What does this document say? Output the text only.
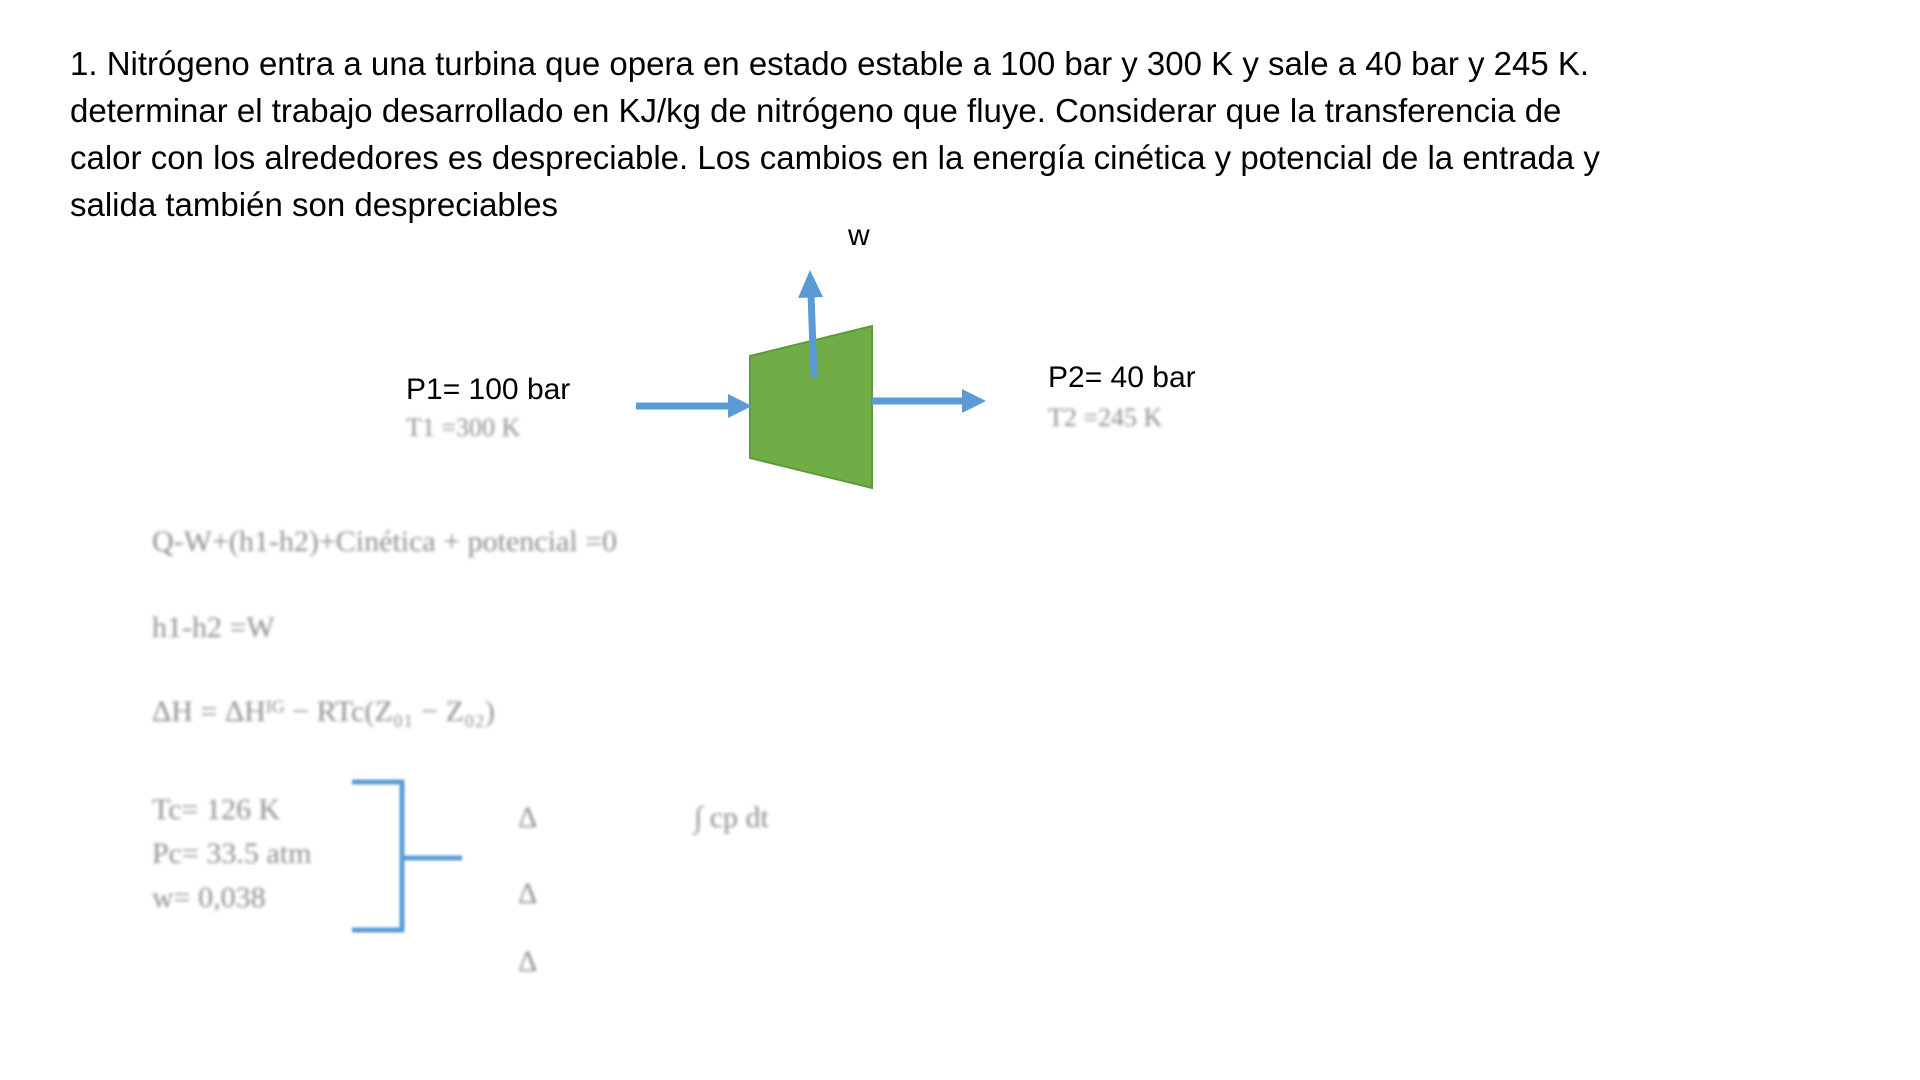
1. Nitrógeno entra a una turbina que opera en estado estable a 100 bar y 300 K y sale a 40 bar y 245 K. determinar el trabajo desarrollado en KJ/kg de nitrógeno que fluye. Considerar que la transferencia de calor con los alrededores es despreciable. Los cambios en la energía cinética y potencial de la entrada y salida también son despreciables

w
P1= 100 bar
T1 =300 K
P2= 40 bar
T2 =245 K
Q-W+(h1-h2)+Cinética + potencial =0
h1-h2 =W
ΔH = ΔHᴵᴳ − RTc(Z₀₁ − Z₀₂)
Tc= 126 K
Pc= 33.5 atm
w= 0,038
Δ
Δ
Δ
∫ cp dt
